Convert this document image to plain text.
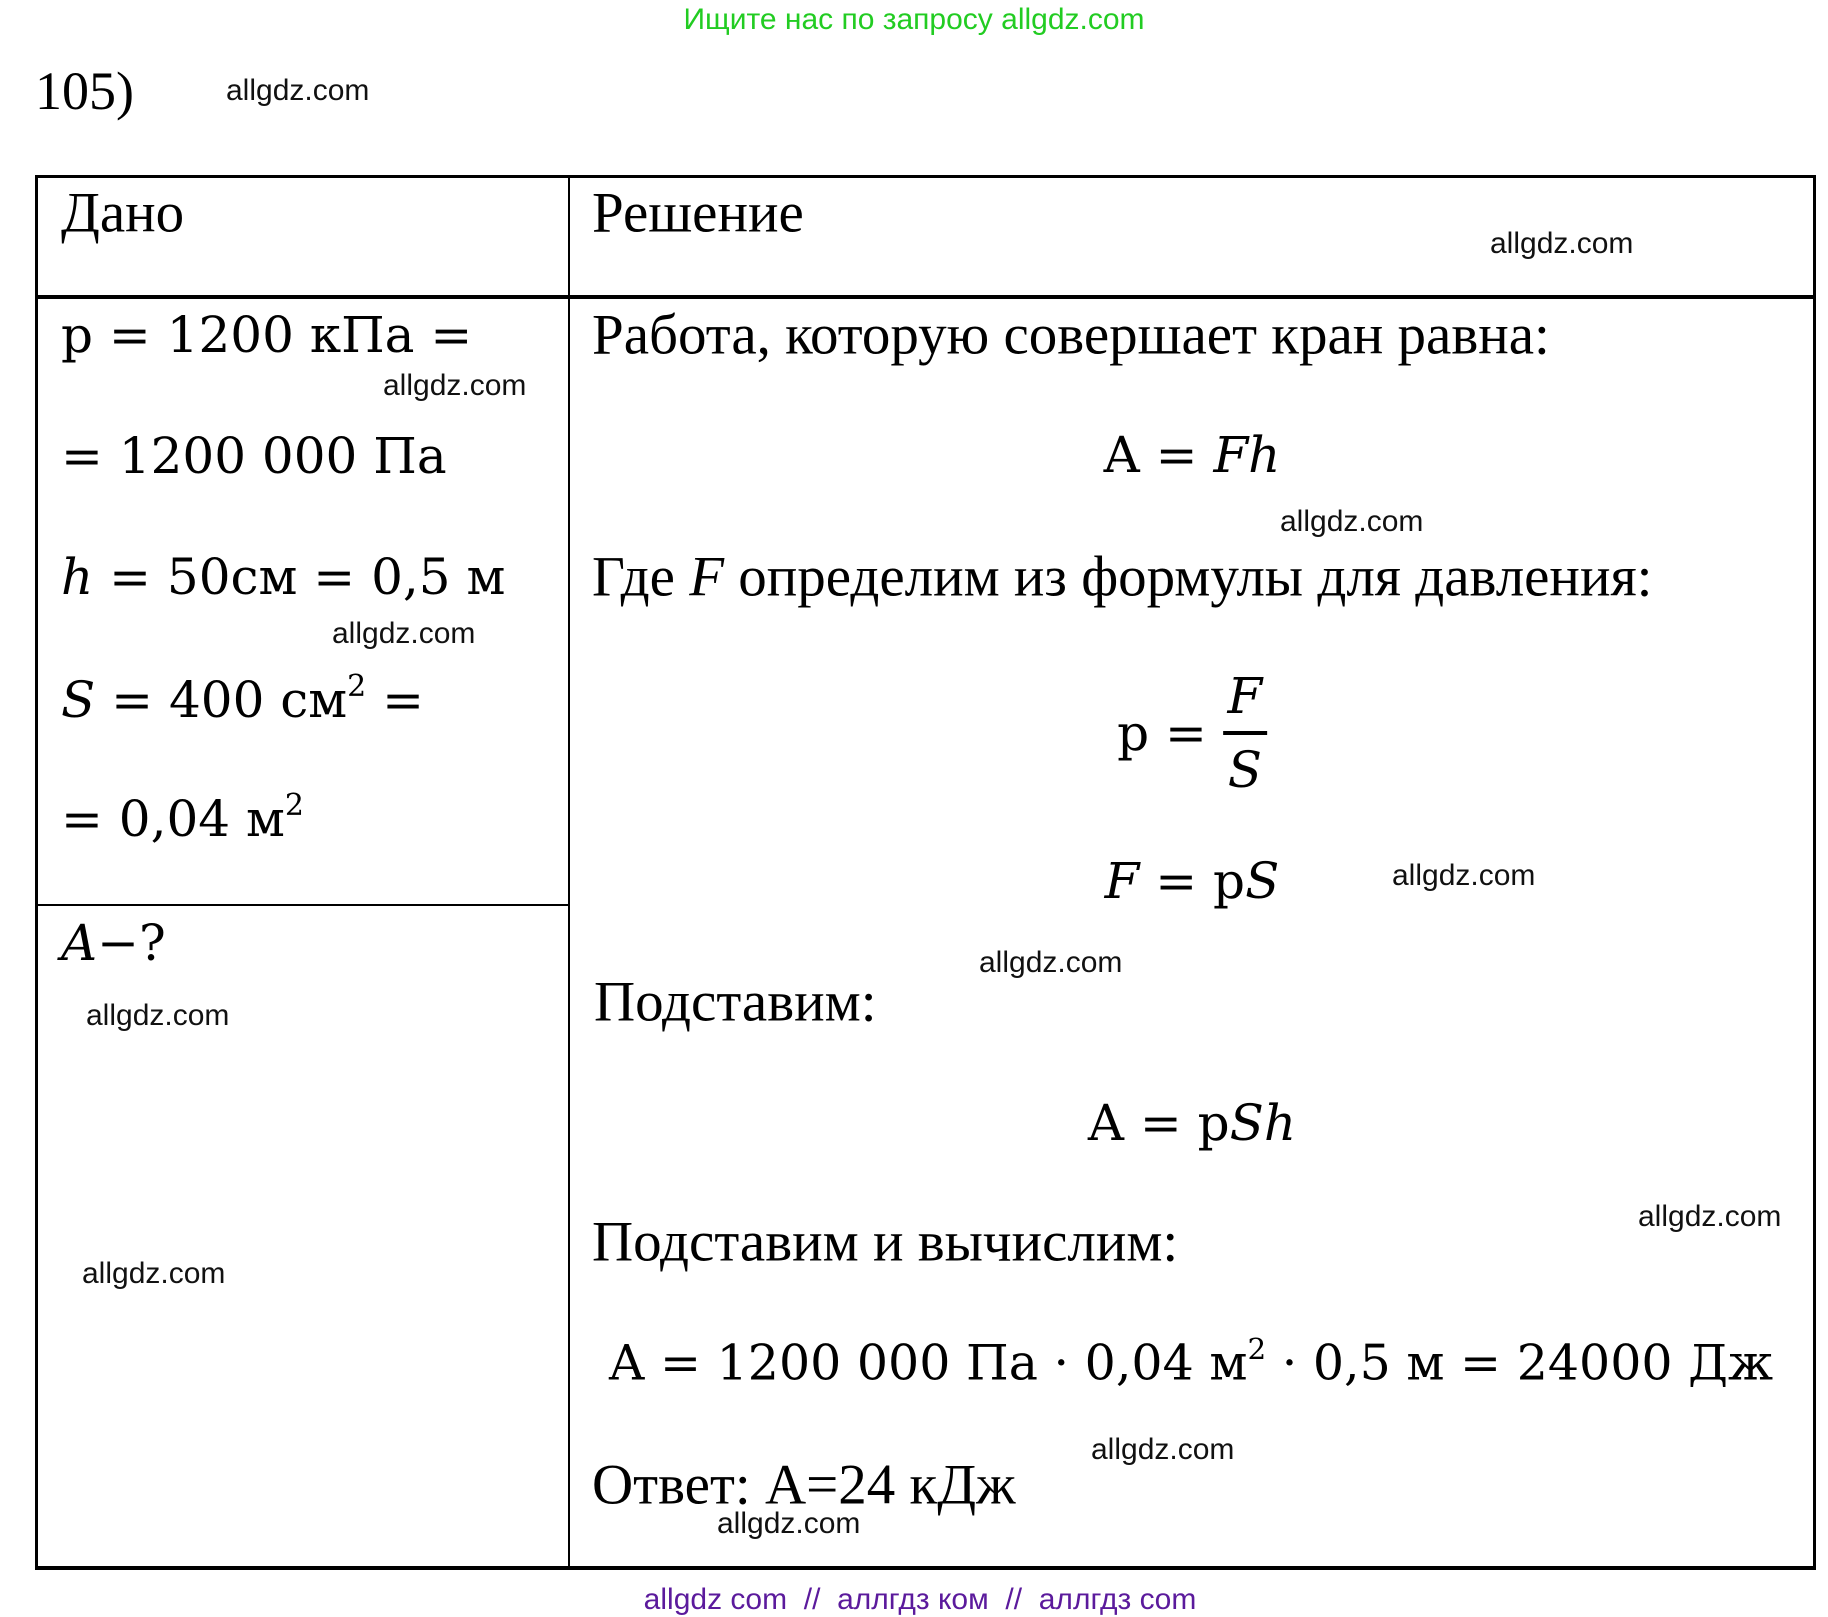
Ищите нас по запросу allgdz.com
105)	allgdz.com
Дано	Решение	allgdz.com
p = 1200 кПа =
allgdz.com
= 1200 000 Па
h = 50см = 0,5 м
allgdz.com
S = 400 $см^2$ =
= 0,04 $м^2$
A−?
allgdz.com
allgdz.com
Работа, которую совершает кран равна:
A = Fh
allgdz.com
Где F определим из формулы для давления:
$p = \frac{F}{S}$
F = pS	allgdz.com
allgdz.com
Подставим:
A = pSh
allgdz.com
Подставим и вычислим:
A = 1200 000 Па · 0,04 $м^2 \cdot 0,5$ м = 24000 Дж
allgdz.com
Ответ: A=24 кДж
allgdz.com
allgdz com  //  аллгдз ком  //  аллгдз com
